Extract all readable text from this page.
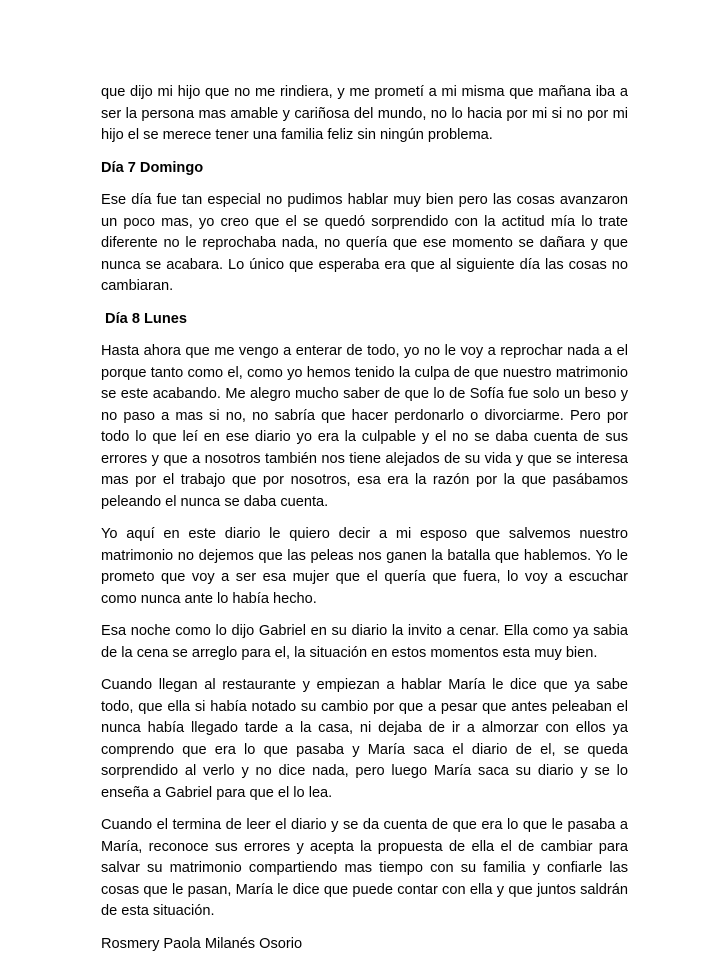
que dijo mi hijo que no me rindiera, y me prometí a mi misma que mañana iba a ser la persona mas amable y cariñosa del mundo, no lo hacia por mi si no por mi hijo el se merece tener una familia feliz sin ningún problema.

Día 7 Domingo

Ese día fue tan especial no pudimos hablar muy bien pero las cosas avanzaron un poco mas, yo creo que el se quedó sorprendido con la actitud mía lo trate diferente no le reprochaba nada, no quería que ese momento se dañara y que nunca se acabara. Lo único que esperaba era que al siguiente día las cosas no cambiaran.

Día 8 Lunes

Hasta ahora que me vengo a enterar de todo, yo no le voy a reprochar nada a el porque tanto como el, como yo hemos tenido la culpa de que nuestro matrimonio se este acabando. Me alegro mucho saber de que lo de Sofía fue solo un beso y no paso a mas si no, no sabría que hacer perdonarlo o divorciarme. Pero por todo lo que leí en ese diario yo era la culpable y el no se daba cuenta de sus errores y que a nosotros también nos tiene alejados de su vida y que se interesa mas por el trabajo que por nosotros, esa era la razón por la que pasábamos peleando el nunca se daba cuenta.

Yo aquí en este diario le quiero decir a mi esposo que salvemos nuestro matrimonio no dejemos que las peleas nos ganen la batalla que hablemos. Yo le prometo que voy a ser esa mujer que el quería que fuera, lo voy a escuchar como nunca ante lo había hecho.

Esa noche como lo dijo Gabriel en su diario la invito a cenar. Ella como ya sabia de la cena se arreglo para el, la situación en estos momentos esta muy bien.

Cuando llegan al restaurante y empiezan a hablar María le dice que ya sabe todo, que ella si había notado su cambio por que a pesar que antes peleaban el nunca había llegado tarde a la casa, ni dejaba de ir a almorzar con ellos ya comprendo que era lo que pasaba y María saca el diario de el, se queda sorprendido al verlo y no dice nada, pero luego María saca su diario y se lo enseña a Gabriel para que el lo lea.

Cuando el termina de leer el diario y se da cuenta de que era lo que le pasaba a María, reconoce sus errores y acepta la propuesta de ella el de cambiar para salvar su matrimonio compartiendo mas tiempo con su familia y confiarle las cosas que le pasan, María le dice que puede contar con ella y que juntos saldrán de esta situación.

Rosmery Paola Milanés Osorio
